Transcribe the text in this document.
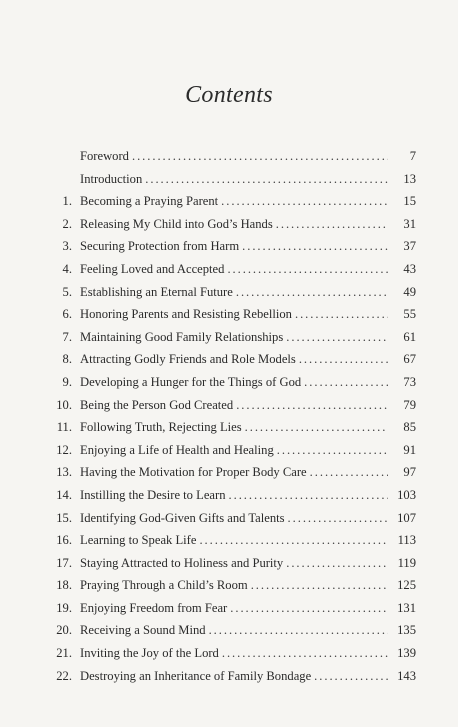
Contents
Foreword . . .	7
Introduction . . .	13
1. Becoming a Praying Parent . . .	15
2. Releasing My Child into God’s Hands . . .	31
3. Securing Protection from Harm . . .	37
4. Feeling Loved and Accepted . . .	43
5. Establishing an Eternal Future . . .	49
6. Honoring Parents and Resisting Rebellion . . .	55
7. Maintaining Good Family Relationships . . .	61
8. Attracting Godly Friends and Role Models . . .	67
9. Developing a Hunger for the Things of God . . .	73
10. Being the Person God Created . . .	79
11. Following Truth, Rejecting Lies . . .	85
12. Enjoying a Life of Health and Healing . . .	91
13. Having the Motivation for Proper Body Care . . .	97
14. Instilling the Desire to Learn . . .	103
15. Identifying God-Given Gifts and Talents . . .	107
16. Learning to Speak Life . . .	113
17. Staying Attracted to Holiness and Purity . . .	119
18. Praying Through a Child’s Room . . .	125
19. Enjoying Freedom from Fear . . .	131
20. Receiving a Sound Mind . . .	135
21. Inviting the Joy of the Lord . . .	139
22. Destroying an Inheritance of Family Bondage . . .	143
